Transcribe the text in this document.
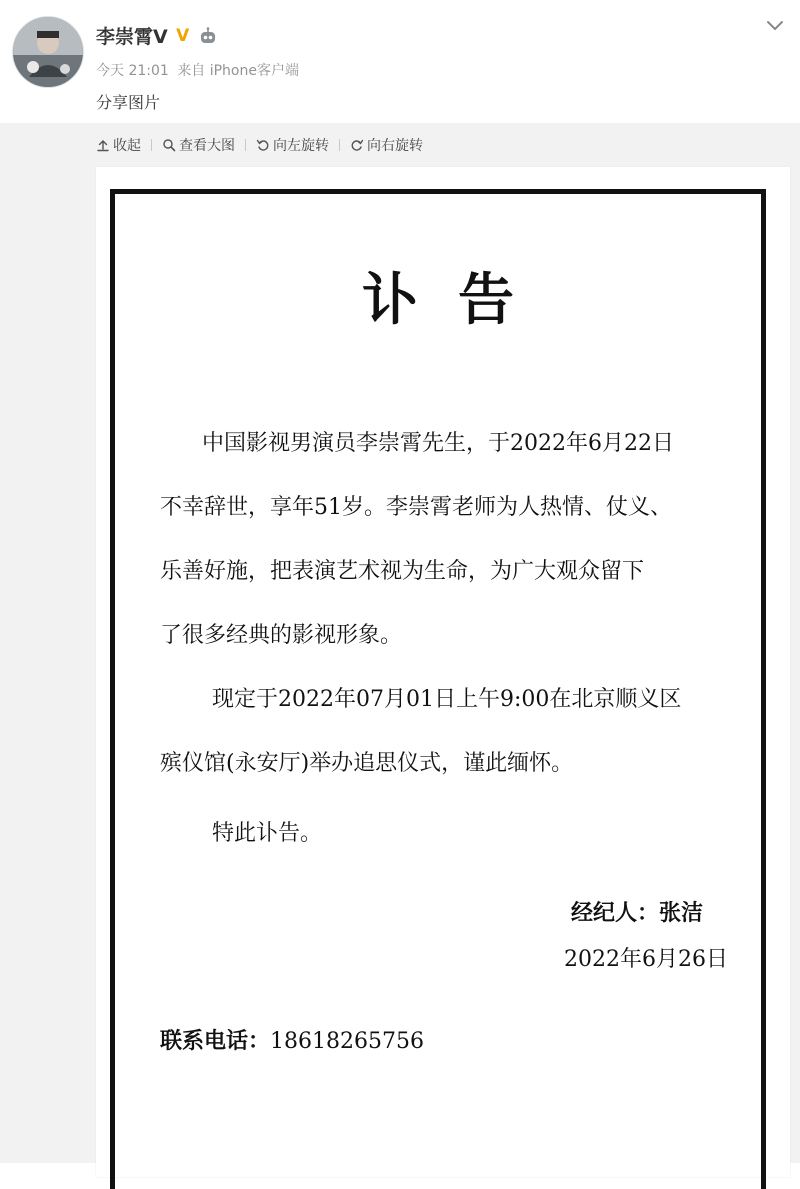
李崇霄V V
今天 21:01 来自 iPhone客户端
分享图片
收起	查看大图	向左旋转	向右旋转
讣告
中国影视男演员李崇霄先生，于2022年6月22日
不幸辞世，享年51岁。李崇霄老师为人热情、仗义、
乐善好施，把表演艺术视为生命，为广大观众留下
了很多经典的影视形象。
现定于2022年07月01日上午9:00在北京顺义区
殡仪馆(永安厅)举办追思仪式，谨此缅怀。
特此讣告。
经纪人：张洁
2022年6月26日
联系电话：18618265756
